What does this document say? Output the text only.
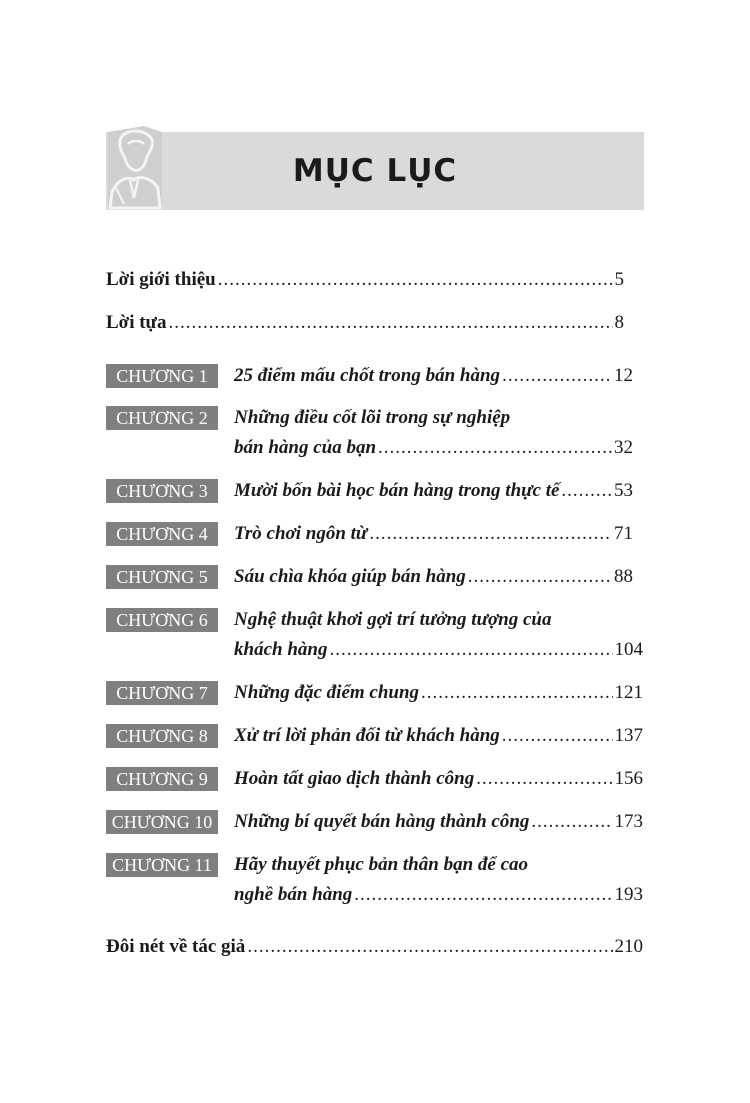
MỤC LỤC
Lời giới thiệu .....	5
Lời tựa .....	8
CHƯƠNG 1	25 điểm mấu chốt trong bán hàng .....	12
CHƯƠNG 2	Những điều cốt lõi trong sự nghiệp
bán hàng của bạn .....	32
CHƯƠNG 3	Mười bốn bài học bán hàng trong thực tế .....	53
CHƯƠNG 4	Trò chơi ngôn từ .....	71
CHƯƠNG 5	Sáu chìa khóa giúp bán hàng .....	88
CHƯƠNG 6	Nghệ thuật khơi gợi trí tưởng tượng của
khách hàng .....	104
CHƯƠNG 7	Những đặc điểm chung .....	121
CHƯƠNG 8	Xử trí lời phản đối từ khách hàng .....	137
CHƯƠNG 9	Hoàn tất giao dịch thành công .....	156
CHƯƠNG 10	Những bí quyết bán hàng thành công .....	173
CHƯƠNG 11	Hãy thuyết phục bản thân bạn để cao
nghề bán hàng .....	193
Đôi nét về tác giả .....	210
